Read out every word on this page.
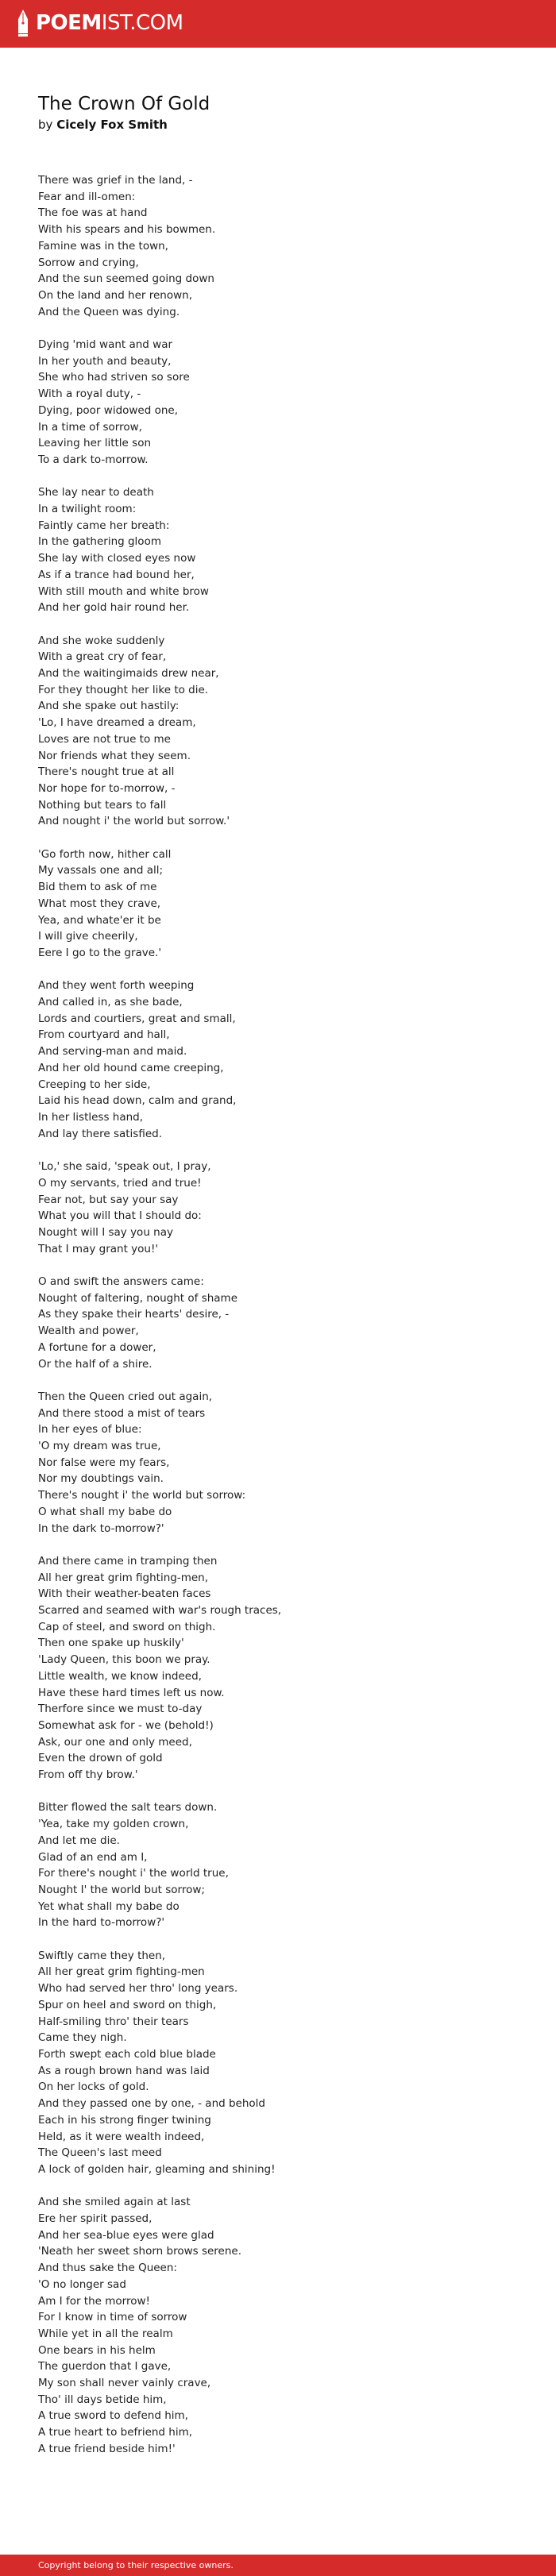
POEMIST.COM
The Crown Of Gold
by Cicely Fox Smith
There was grief in the land, -
Fear and ill-omen:
The foe was at hand
With his spears and his bowmen.
Famine was in the town,
Sorrow and crying,
And the sun seemed going down
On the land and her renown,
And the Queen was dying.
Dying 'mid want and war
In her youth and beauty,
She who had striven so sore
With a royal duty, -
Dying, poor widowed one,
In a time of sorrow,
Leaving her little son
To a dark to-morrow.
She lay near to death
In a twilight room:
Faintly came her breath:
In the gathering gloom
She lay with closed eyes now
As if a trance had bound her,
With still mouth and white brow
And her gold hair round her.
And she woke suddenly
With a great cry of fear,
And the waitingimaids drew near,
For they thought her like to die.
And she spake out hastily:
'Lo, I have dreamed a dream,
Loves are not true to me
Nor friends what they seem.
There's nought true at all
Nor hope for to-morrow, -
Nothing but tears to fall
And nought i' the world but sorrow.'
'Go forth now, hither call
My vassals one and all;
Bid them to ask of me
What most they crave,
Yea, and whate'er it be
I will give cheerily,
Eere I go to the grave.'
And they went forth weeping
And called in, as she bade,
Lords and courtiers, great and small,
From courtyard and hall,
And serving-man and maid.
And her old hound came creeping,
Creeping to her side,
Laid his head down, calm and grand,
In her listless hand,
And lay there satisfied.
'Lo,' she said, 'speak out, I pray,
O my servants, tried and true!
Fear not, but say your say
What you will that I should do:
Nought will I say you nay
That I may grant you!'
O and swift the answers came:
Nought of faltering, nought of shame
As they spake their hearts' desire, -
Wealth and power,
A fortune for a dower,
Or the half of a shire.
Then the Queen cried out again,
And there stood a mist of tears
In her eyes of blue:
'O my dream was true,
Nor false were my fears,
Nor my doubtings vain.
There's nought i' the world but sorrow:
O what shall my babe do
In the dark to-morrow?'
And there came in tramping then
All her great grim fighting-men,
With their weather-beaten faces
Scarred and seamed with war's rough traces,
Cap of steel, and sword on thigh.
Then one spake up huskily'
'Lady Queen, this boon we pray.
Little wealth, we know indeed,
Have these hard times left us now.
Therfore since we must to-day
Somewhat ask for - we (behold!)
Ask, our one and only meed,
Even the drown of gold
From off thy brow.'
Bitter flowed the salt tears down.
'Yea, take my golden crown,
And let me die.
Glad of an end am I,
For there's nought i' the world true,
Nought I' the world but sorrow;
Yet what shall my babe do
In the hard to-morrow?'
Swiftly came they then,
All her great grim fighting-men
Who had served her thro' long years.
Spur on heel and sword on thigh,
Half-smiling thro' their tears
Came they nigh.
Forth swept each cold blue blade
As a rough brown hand was laid
On her locks of gold.
And they passed one by one, - and behold
Each in his strong finger twining
Held, as it were wealth indeed,
The Queen's last meed
A lock of golden hair, gleaming and shining!
And she smiled again at last
Ere her spirit passed,
And her sea-blue eyes were glad
'Neath her sweet shorn brows serene.
And thus sake the Queen:
'O no longer sad
Am I for the morrow!
For I know in time of sorrow
While yet in all the realm
One bears in his helm
The guerdon that I gave,
My son shall never vainly crave,
Tho' ill days betide him,
A true sword to defend him,
A true heart to befriend him,
A true friend beside him!'
Copyright belong to their respective owners.
